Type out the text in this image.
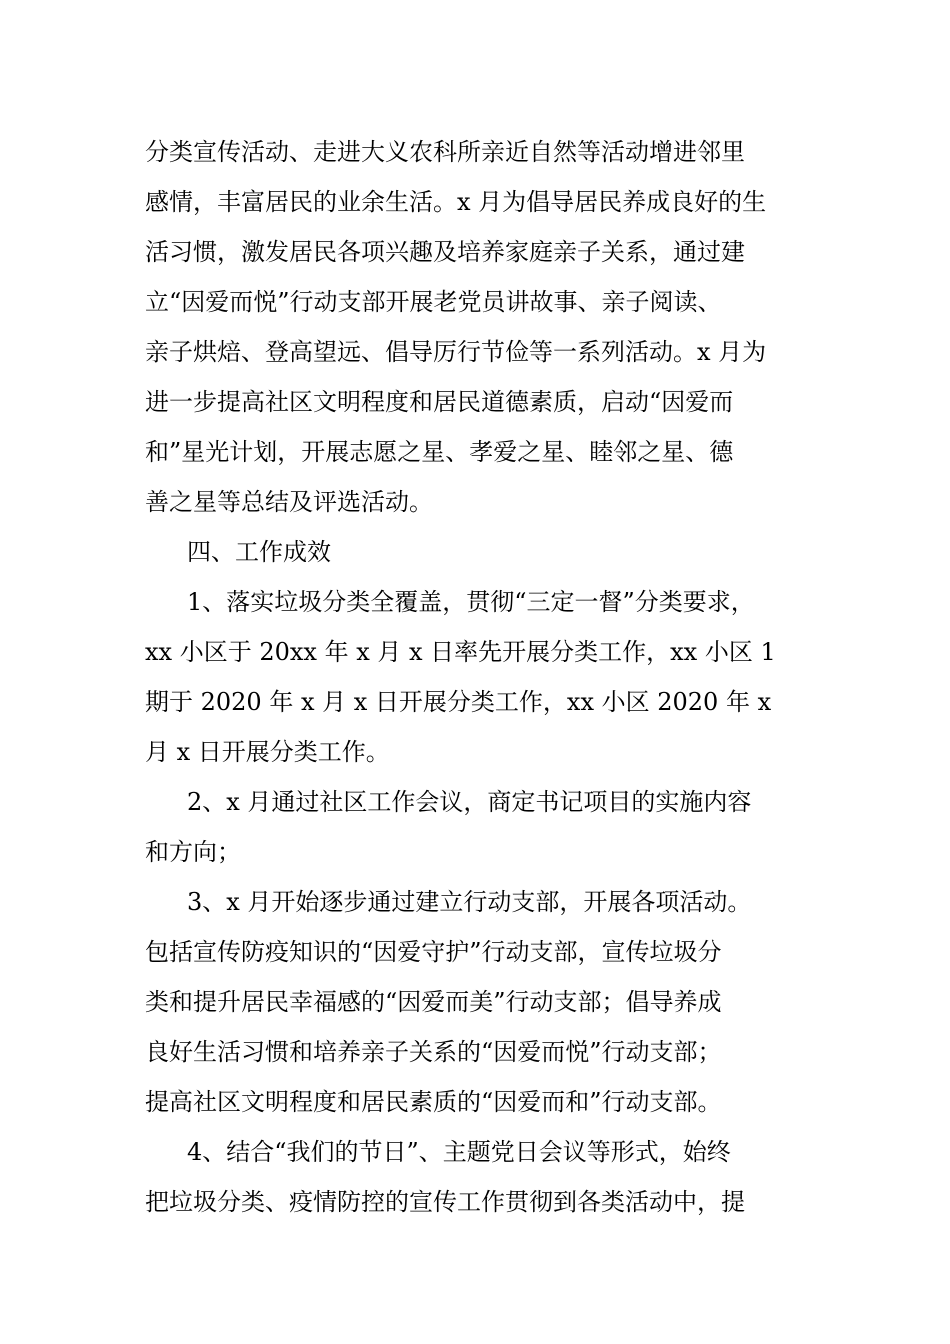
分类宣传活动、走进大义农科所亲近自然等活动增进邻里
感情，丰富居民的业余生活。x 月为倡导居民养成良好的生
活习惯，激发居民各项兴趣及培养家庭亲子关系，通过建
立“因爱而悦”行动支部开展老党员讲故事、亲子阅读、
亲子烘焙、登高望远、倡导厉行节俭等一系列活动。x 月为
进一步提高社区文明程度和居民道德素质，启动“因爱而
和”星光计划，开展志愿之星、孝爱之星、睦邻之星、德
善之星等总结及评选活动。
四、工作成效
1、落实垃圾分类全覆盖，贯彻“三定一督”分类要求，
xx 小区于 20xx 年 x 月 x 日率先开展分类工作，xx 小区 1
期于 2020 年 x 月 x 日开展分类工作，xx 小区 2020 年 x
月 x 日开展分类工作。
2、x 月通过社区工作会议，商定书记项目的实施内容
和方向；
3、x 月开始逐步通过建立行动支部，开展各项活动。
包括宣传防疫知识的“因爱守护”行动支部，宣传垃圾分
类和提升居民幸福感的“因爱而美”行动支部；倡导养成
良好生活习惯和培养亲子关系的“因爱而悦”行动支部；
提高社区文明程度和居民素质的“因爱而和”行动支部。
4、结合“我们的节日”、主题党日会议等形式，始终
把垃圾分类、疫情防控的宣传工作贯彻到各类活动中，提
